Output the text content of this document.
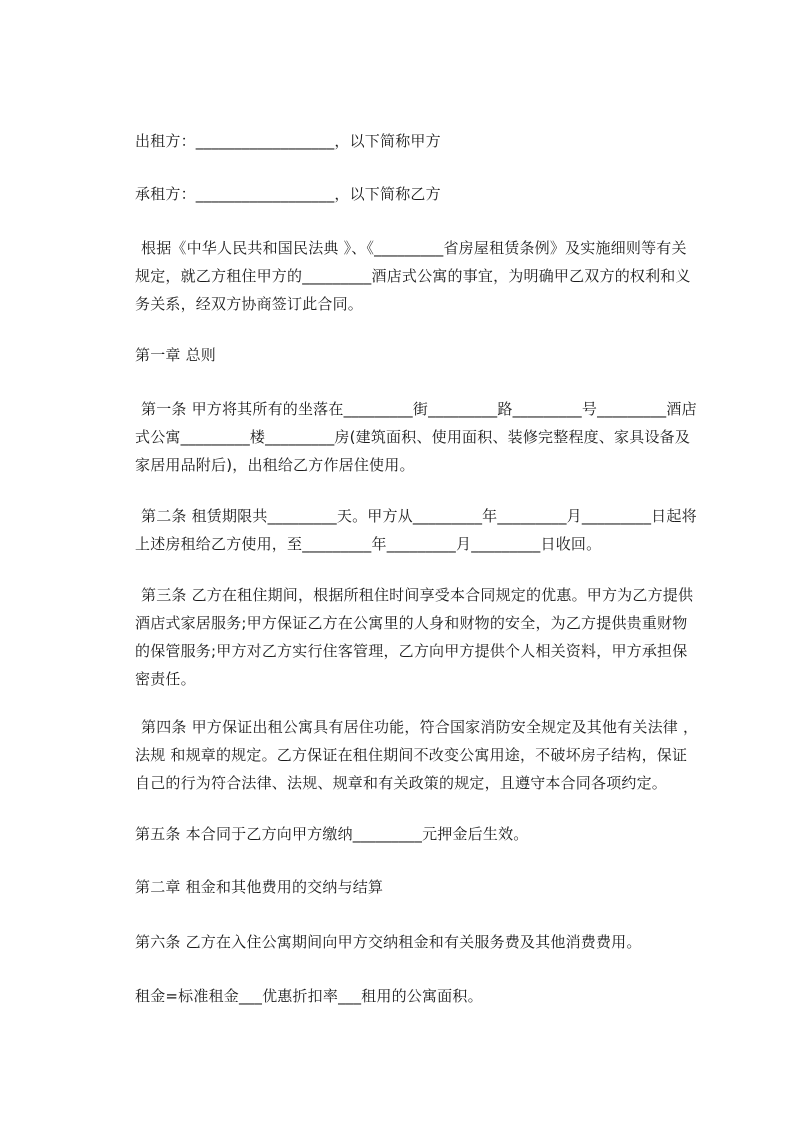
出租方：__________________，以下简称甲方

承租方：__________________，以下简称乙方

根据《中华人民共和国民法典 》、《_________省房屋租赁条例》及实施细则等有关规定，就乙方租住甲方的_________酒店式公寓的事宜，为明确甲乙双方的权利和义务关系，经双方协商签订此合同。

第一章 总则

第一条 甲方将其所有的坐落在_________街_________路_________号_________酒店式公寓_________楼_________房(建筑面积、使用面积、装修完整程度、家具设备及家居用品附后)，出租给乙方作居住使用。

第二条 租赁期限共_________天。甲方从_________年_________月_________日起将上述房租给乙方使用，至_________年_________月_________日收回。

第三条 乙方在租住期间，根据所租住时间享受本合同规定的优惠。甲方为乙方提供酒店式家居服务;甲方保证乙方在公寓里的人身和财物的安全，为乙方提供贵重财物的保管服务;甲方对乙方实行住客管理，乙方向甲方提供个人相关资料，甲方承担保密责任。

第四条 甲方保证出租公寓具有居住功能，符合国家消防安全规定及其他有关法律 ，法规 和规章的规定。乙方保证在租住期间不改变公寓用途，不破坏房子结构，保证自己的行为符合法律、法规、规章和有关政策的规定，且遵守本合同各项约定。

第五条 本合同于乙方向甲方缴纳_________元押金后生效。

第二章 租金和其他费用的交纳与结算

第六条 乙方在入住公寓期间向甲方交纳租金和有关服务费及其他消费费用。

租金=标准租金___优惠折扣率___租用的公寓面积。
